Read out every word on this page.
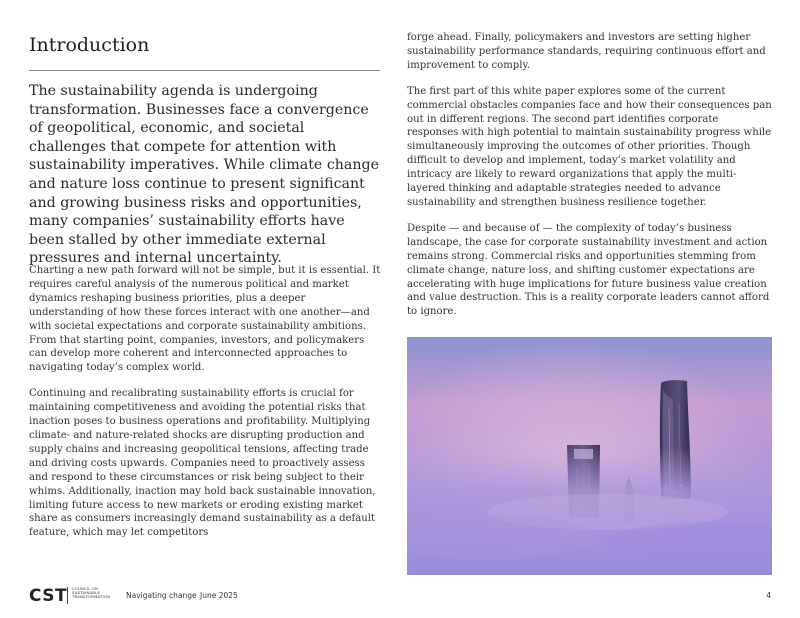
Introduction

The sustainability agenda is undergoing transformation. Businesses face a convergence of geopolitical, economic, and societal challenges that compete for attention with sustainability imperatives. While climate change and nature loss continue to present significant and growing business risks and opportunities, many companies’ sustainability efforts have been stalled by other immediate external pressures and internal uncertainty.

Charting a new path forward will not be simple, but it is essential. It requires careful analysis of the numerous political and market dynamics reshaping business priorities, plus a deeper understanding of how these forces interact with one another—and with societal expectations and corporate sustainability ambitions. From that starting point, companies, investors, and policymakers can develop more coherent and interconnected approaches to navigating today’s complex world.

Continuing and recalibrating sustainability efforts is crucial for maintaining competitiveness and avoiding the potential risks that inaction poses to business operations and profitability. Multiplying climate- and nature-related shocks are disrupting production and supply chains and increasing geopolitical tensions, affecting trade and driving costs upwards. Companies need to proactively assess and respond to these circumstances or risk being subject to their whims. Additionally, inaction may hold back sustainable innovation, limiting future access to new markets or eroding existing market share as consumers increasingly demand sustainability as a default feature, which may let competitors

forge ahead. Finally, policymakers and investors are setting higher sustainability performance standards, requiring continuous effort and improvement to comply.

The first part of this white paper explores some of the current commercial obstacles companies face and how their consequences pan out in different regions. The second part identifies corporate responses with high potential to maintain sustainability progress while simultaneously improving the outcomes of other priorities. Though difficult to develop and implement, today’s market volatility and intricacy are likely to reward organizations that apply the multi-layered thinking and adaptable strategies needed to advance sustainability and strengthen business resilience together.

Despite — and because of — the complexity of today’s business landscape, the case for corporate sustainability investment and action remains strong. Commercial risks and opportunities stemming from climate change, nature loss, and shifting customer expectations are accelerating with huge implications for future business value creation and value destruction. This is a reality corporate leaders cannot afford to ignore.

CST COUNCIL ON
SUSTAINABLE
TRANSFORMATION Navigating change June 2025	4
